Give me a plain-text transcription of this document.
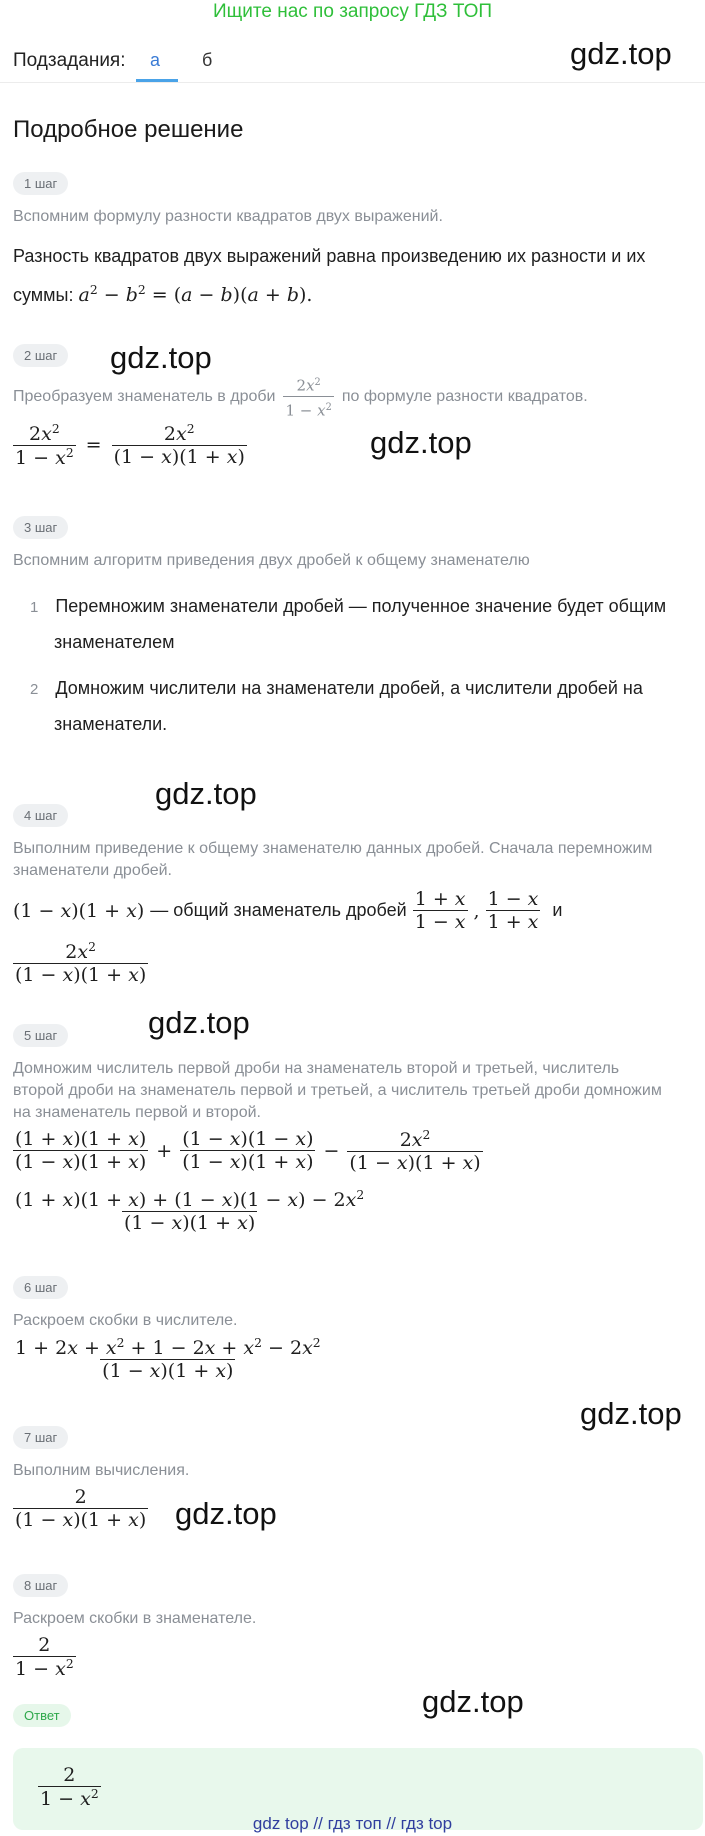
Ищите нас по запросу ГДЗ ТОП
Подзадания: а б	gdz.top
Подробное решение
1 шаг
Вспомним формулу разности квадратов двух выражений.
Разность квадратов двух выражений равна произведению их разности и их
суммы: $a^2 - b^2 = (a - b)(a + b)$.
2 шаг	gdz.top
Преобразуем знаменатель в дроби $\frac{2x^2}{1 - x^2}$ по формуле разности квадратов.
$\frac{2x^2}{1 - x^2} = \frac{2x^2}{(1 - x)(1 + x)}$	gdz.top
3 шаг
Вспомним алгоритм приведения двух дробей к общему знаменателю
1 Перемножим знаменатели дробей — полученное значение будет общим
знаменателем
2 Домножим числители на знаменатели дробей, а числители дробей на
знаменатели.
gdz.top
4 шаг
Выполним приведение к общему знаменателю данных дробей. Сначала перемножим
знаменатели дробей.
(1 − x)(1 + x) — общий знаменатель дробей $\frac{1 + x}{1 - x}$ , $\frac{1 - x}{1 + x}$ и
$\frac{2x^2}{(1 - x)(1 + x)}$
5 шаг	gdz.top
Домножим числитель первой дроби на знаменатель второй и третьей, числитель
второй дроби на знаменатель первой и третьей, а числитель третьей дроби домножим
на знаменатель первой и второй.
$\frac{(1 + x)(1 + x)}{(1 - x)(1 + x)} + \frac{(1 - x)(1 - x)}{(1 - x)(1 + x)} - \frac{2x^2}{(1 - x)(1 + x)}$
$\frac{(1 + x)(1 + x) + (1 - x)(1 - x) - 2x^2}{(1 - x)(1 + x)}$
6 шаг
Раскроем скобки в числителе.
$\frac{1 + 2x + x^2 + 1 - 2x + x^2 - 2x^2}{(1 - x)(1 + x)}$
gdz.top
7 шаг
Выполним вычисления.
$\frac{2}{(1 - x)(1 + x)} gdz.top$
8 шаг
Раскроем скобки в знаменателе.
$\frac{2}{1 - x^2}$
Ответ	gdz.top
$\frac{2}{1 - x^2}$
gdz top // гдз топ // гдз top
